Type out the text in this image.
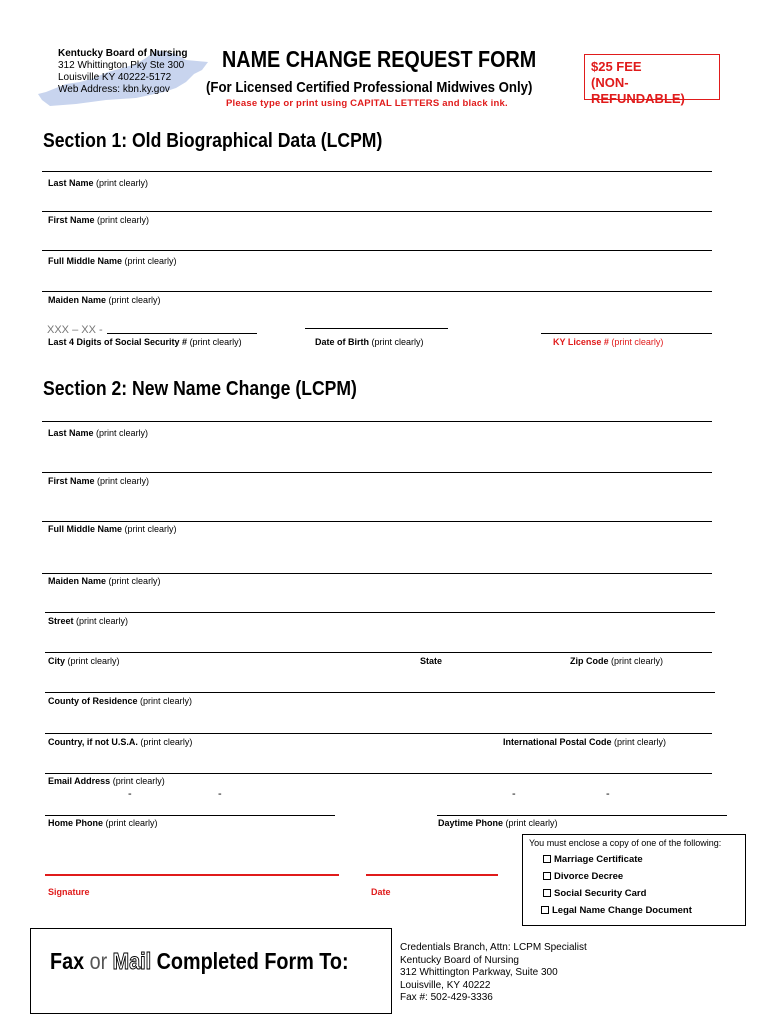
Kentucky Board of Nursing
312 Whittington Pky Ste 300
Louisville KY 40222-5172
Web Address: kbn.ky.gov
NAME CHANGE REQUEST FORM
(For Licensed Certified Professional Midwives Only)
Please type or print using CAPITAL LETTERS and black ink.
$25 FEE
(NON-REFUNDABLE)
Section 1: Old Biographical Data (LCPM)
Last Name (print clearly)
First Name (print clearly)
Full Middle Name (print clearly)
Maiden Name (print clearly)
XXX – XX -
Last 4 Digits of Social Security # (print clearly)	Date of Birth (print clearly)	KY License # (print clearly)
Section 2: New Name Change (LCPM)
Last Name (print clearly)
First Name (print clearly)
Full Middle Name (print clearly)
Maiden Name (print clearly)
Street (print clearly)
City (print clearly)	State	Zip Code (print clearly)
County of Residence (print clearly)
Country, if not U.S.A. (print clearly)	International Postal Code (print clearly)
Email Address (print clearly)
-	-
Home Phone (print clearly)
-	-
Daytime Phone (print clearly)
Signature	Date
You must enclose a copy of one of the following:
Marriage Certificate
Divorce Decree
Social Security Card
Legal Name Change Document
Fax or Mail Completed Form To:
Credentials Branch, Attn: LCPM Specialist
Kentucky Board of Nursing
312 Whittington Parkway, Suite 300
Louisville, KY 40222
Fax #: 502-429-3336
